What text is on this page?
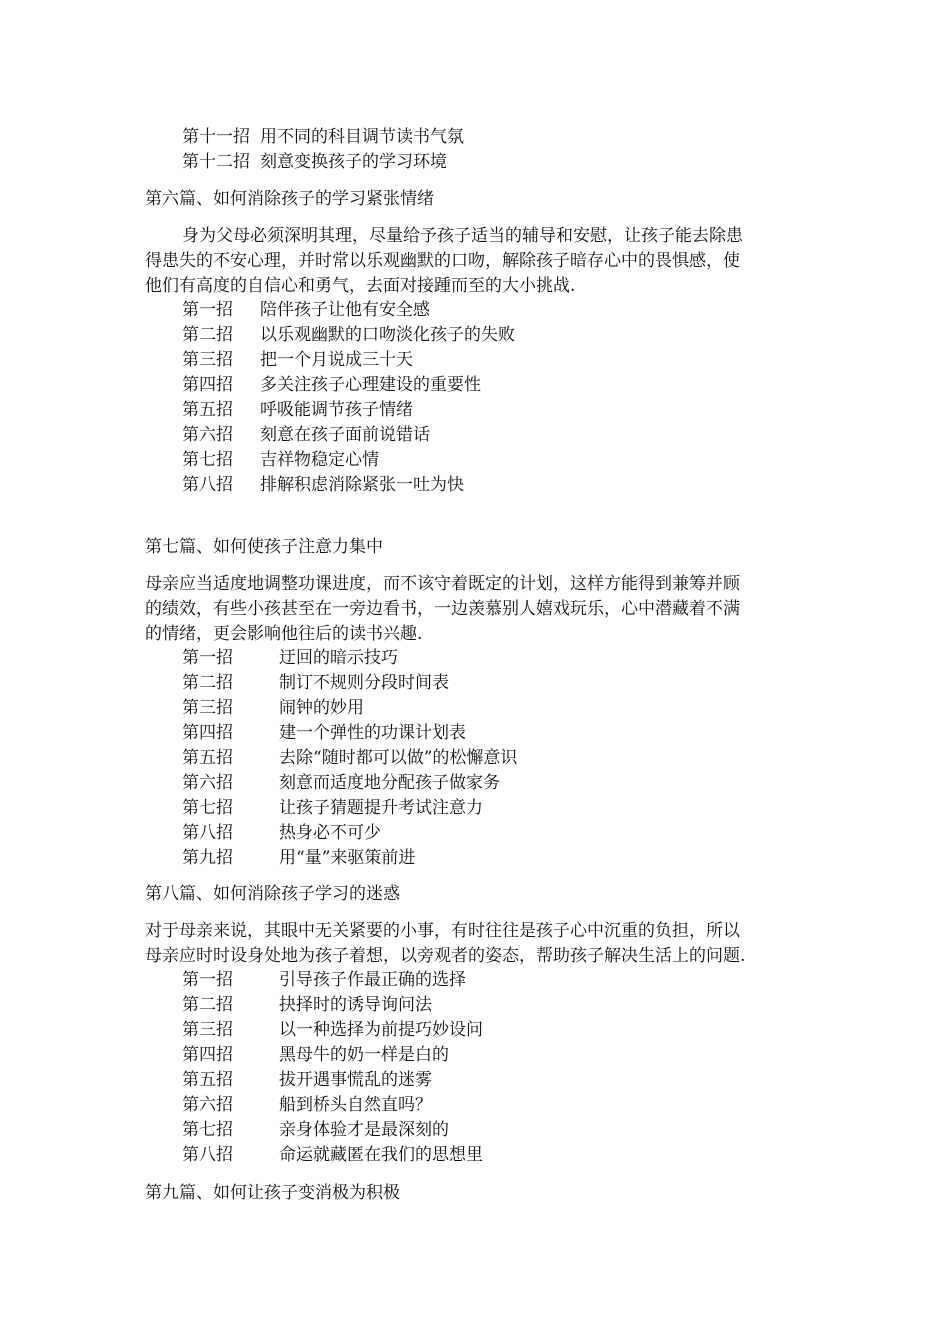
第十一招 用不同的科目调节读书气氛
第十二招 刻意变换孩子的学习环境
第六篇、如何消除孩子的学习紧张情绪
身为父母必须深明其理，尽量给予孩子适当的辅导和安慰，让孩子能去除患
得患失的不安心理，并时常以乐观幽默的口吻，解除孩子暗存心中的畏惧感，使
他们有高度的自信心和勇气，去面对接踵而至的大小挑战.
第一招 陪伴孩子让他有安全感
第二招 以乐观幽默的口吻淡化孩子的失败
第三招 把一个月说成三十天
第四招 多关注孩子心理建设的重要性
第五招 呼吸能调节孩子情绪
第六招 刻意在孩子面前说错话
第七招 吉祥物稳定心情
第八招 排解积虑消除紧张一吐为快
第七篇、如何使孩子注意力集中
母亲应当适度地调整功课进度，而不该守着既定的计划，这样方能得到兼筹并顾
的绩效，有些小孩甚至在一旁边看书，一边羡慕别人嬉戏玩乐，心中潜藏着不满
的情绪，更会影响他往后的读书兴趣.
第一招	迂回的暗示技巧
第二招	制订不规则分段时间表
第三招	闹钟的妙用
第四招	建一个弹性的功课计划表
第五招	去除“随时都可以做”的松懈意识
第六招	刻意而适度地分配孩子做家务
第七招	让孩子猜题提升考试注意力
第八招	热身必不可少
第九招	用“量”来驱策前进
第八篇、如何消除孩子学习的迷惑
对于母亲来说，其眼中无关紧要的小事，有时往往是孩子心中沉重的负担，所以
母亲应时时设身处地为孩子着想，以旁观者的姿态，帮助孩子解决生活上的问题.
第一招	引导孩子作最正确的选择
第二招	抉择时的诱导询问法
第三招	以一种选择为前提巧妙设问
第四招	黑母牛的奶一样是白的
第五招	拔开遇事慌乱的迷雾
第六招	船到桥头自然直吗？
第七招	亲身体验才是最深刻的
第八招	命运就藏匿在我们的思想里
第九篇、如何让孩子变消极为积极
